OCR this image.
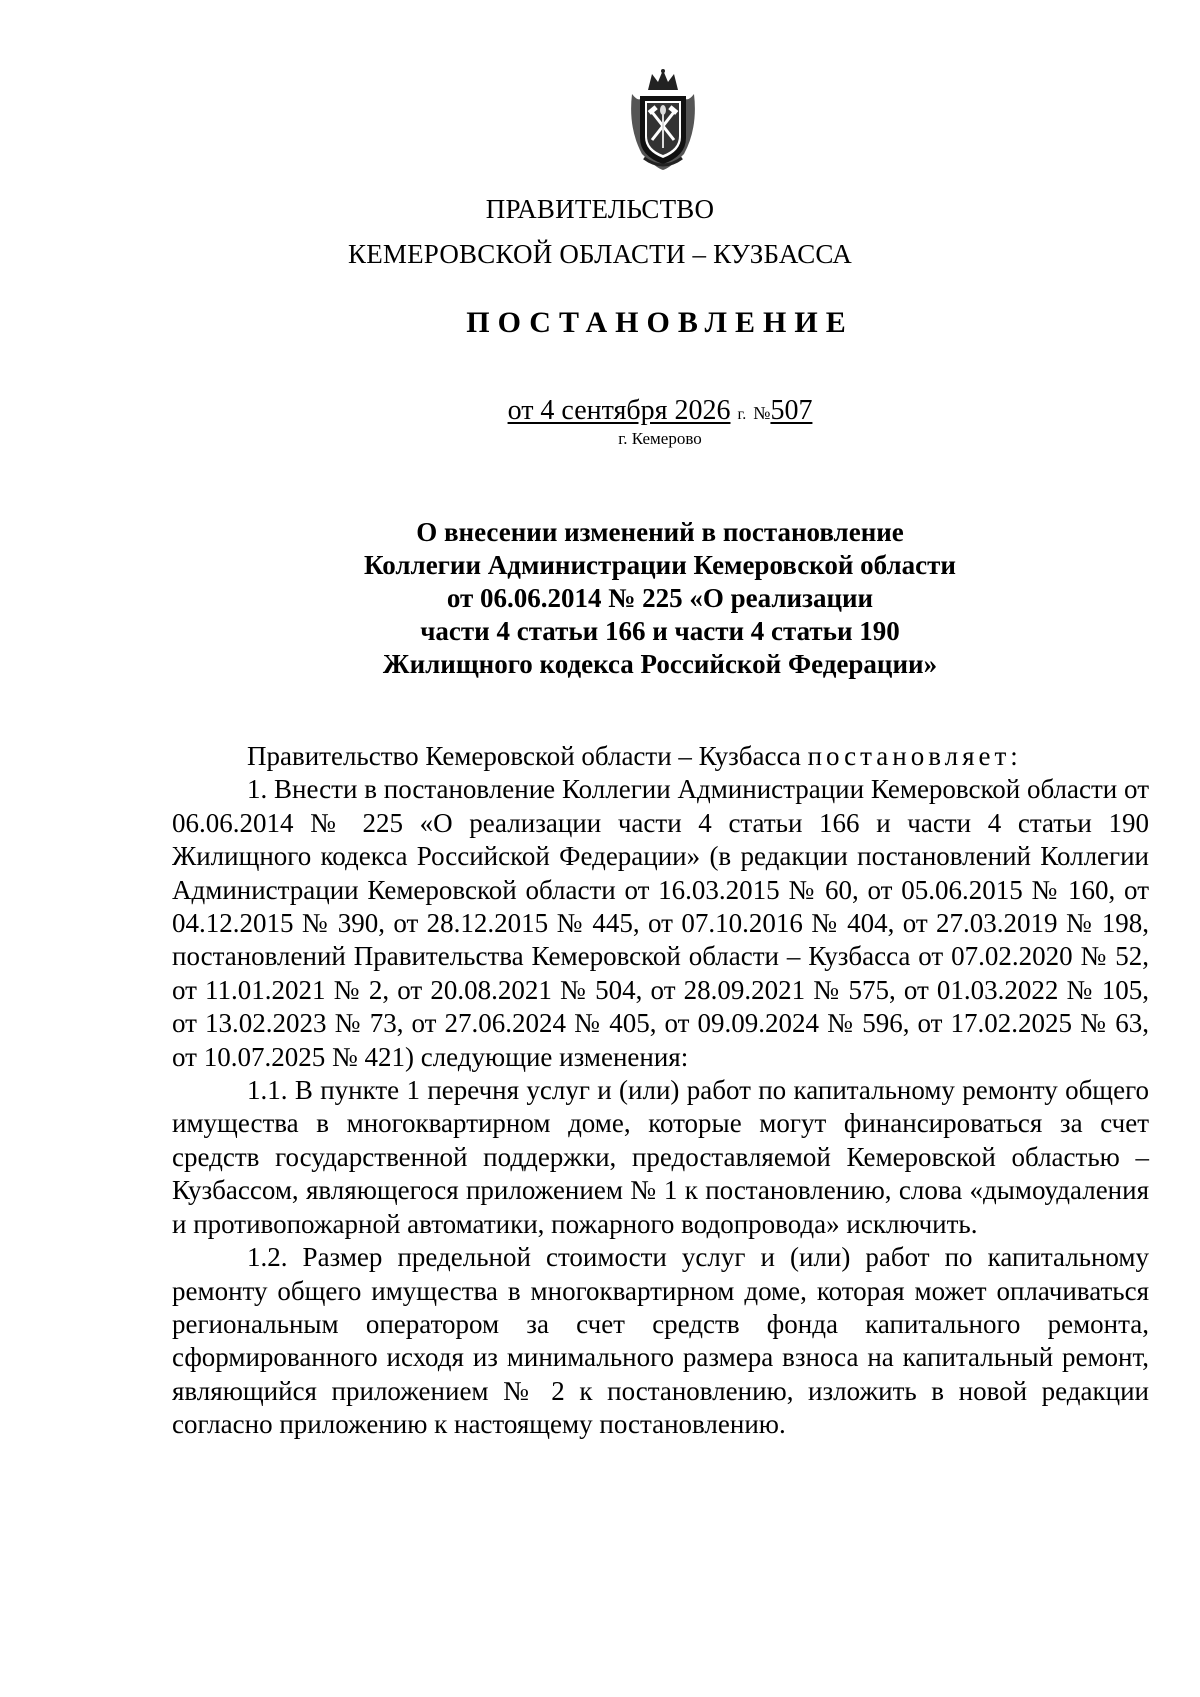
ПРАВИТЕЛЬСТВО
КЕМЕРОВСКОЙ ОБЛАСТИ – КУЗБАССА
ПОСТАНОВЛЕНИЕ
от 4 сентября 2026 г. №507
г. Кемерово
О внесении изменений в постановление
Коллегии Администрации Кемеровской области
от 06.06.2014 № 225 «О реализации
части 4 статьи 166 и части 4 статьи 190
Жилищного кодекса Российской Федерации»

Правительство Кемеровской области – Кузбасса постановляет:

1. Внести в постановление Коллегии Администрации Кемеровской области от 06.06.2014 № 225 «О реализации части 4 статьи 166 и части 4 статьи 190 Жилищного кодекса Российской Федерации» (в редакции постановлений Коллегии Администрации Кемеровской области от 16.03.2015 № 60, от 05.06.2015 № 160, от 04.12.2015 № 390, от 28.12.2015 № 445, от 07.10.2016 № 404, от 27.03.2019 № 198, постановлений Правительства Кемеровской области – Кузбасса от 07.02.2020 № 52, от 11.01.2021 № 2, от 20.08.2021 № 504, от 28.09.2021 № 575, от 01.03.2022 № 105, от 13.02.2023 № 73, от 27.06.2024 № 405, от 09.09.2024 № 596, от 17.02.2025 № 63, от 10.07.2025 № 421) следующие изменения:

1.1. В пункте 1 перечня услуг и (или) работ по капитальному ремонту общего имущества в многоквартирном доме, которые могут финансироваться за счет средств государственной поддержки, предоставляемой Кемеровской областью – Кузбассом, являющегося приложением № 1 к постановлению, слова «дымоудаления и противопожарной автоматики, пожарного водопровода» исключить.

1.2. Размер предельной стоимости услуг и (или) работ по капитальному ремонту общего имущества в многоквартирном доме, которая может оплачиваться региональным оператором за счет средств фонда капитального ремонта, сформированного исходя из минимального размера взноса на капитальный ремонт, являющийся приложением № 2 к постановлению, изложить в новой редакции согласно приложению к настоящему постановлению.
